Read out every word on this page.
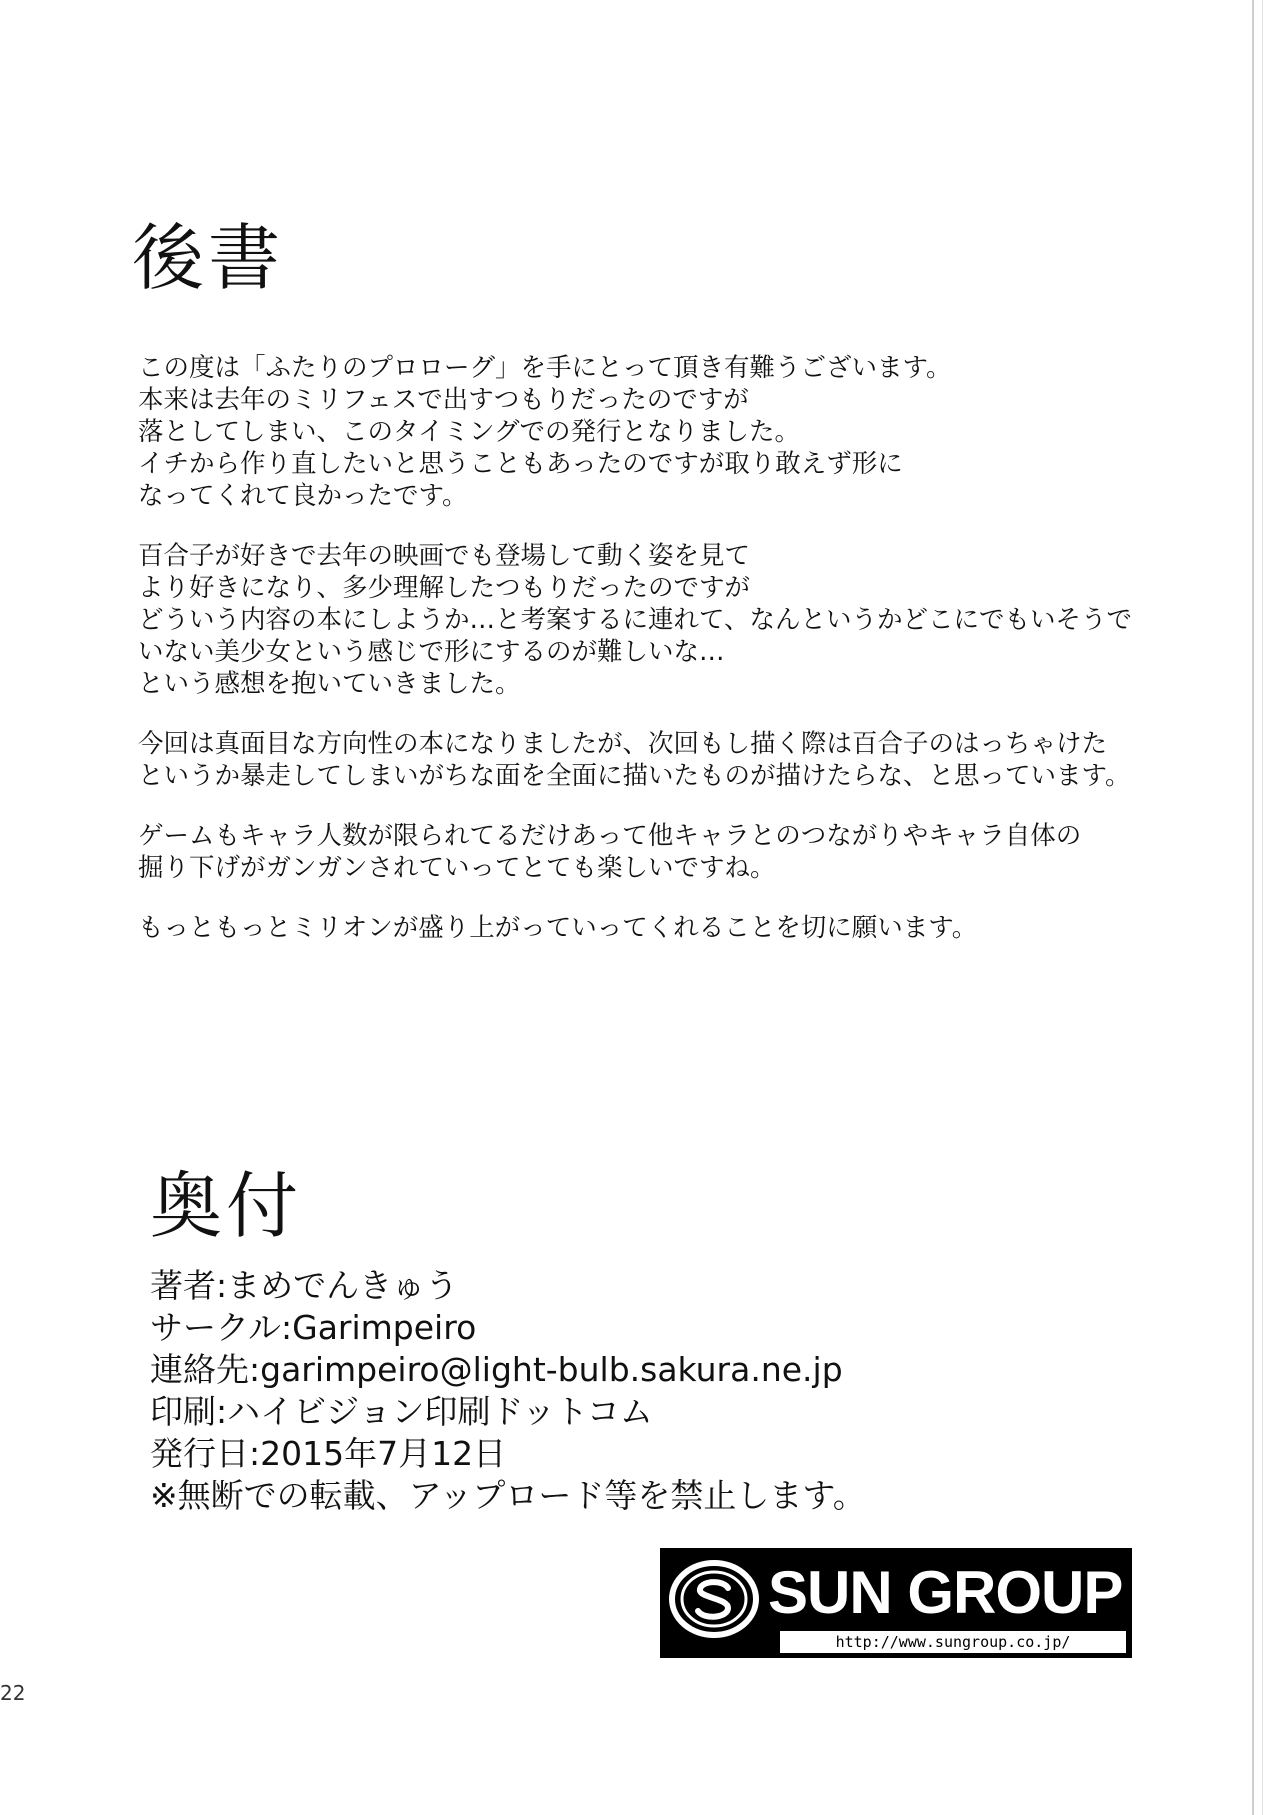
後書
この度は「ふたりのプロローグ」を手にとって頂き有難うございます。
本来は去年のミリフェスで出すつもりだったのですが
落としてしまい、このタイミングでの発行となりました。
イチから作り直したいと思うこともあったのですが取り敢えず形に
なってくれて良かったです。
百合子が好きで去年の映画でも登場して動く姿を見て
より好きになり、多少理解したつもりだったのですが
どういう内容の本にしようか…と考案するに連れて、なんというかどこにでもいそうで
いない美少女という感じで形にするのが難しいな…
という感想を抱いていきました。
今回は真面目な方向性の本になりましたが、次回もし描く際は百合子のはっちゃけた
というか暴走してしまいがちな面を全面に描いたものが描けたらな、と思っています。
ゲームもキャラ人数が限られてるだけあって他キャラとのつながりやキャラ自体の
掘り下げがガンガンされていってとても楽しいですね。
もっともっとミリオンが盛り上がっていってくれることを切に願います。
奥付
著者:まめでんきゅう
サークル:Garimpeiro
連絡先:garimpeiro@light-bulb.sakura.ne.jp
印刷:ハイビジョン印刷ドットコム
発行日:2015年7月12日
※無断での転載、アップロード等を禁止します。
SUN GROUP
http://www.sungroup.co.jp/
22
